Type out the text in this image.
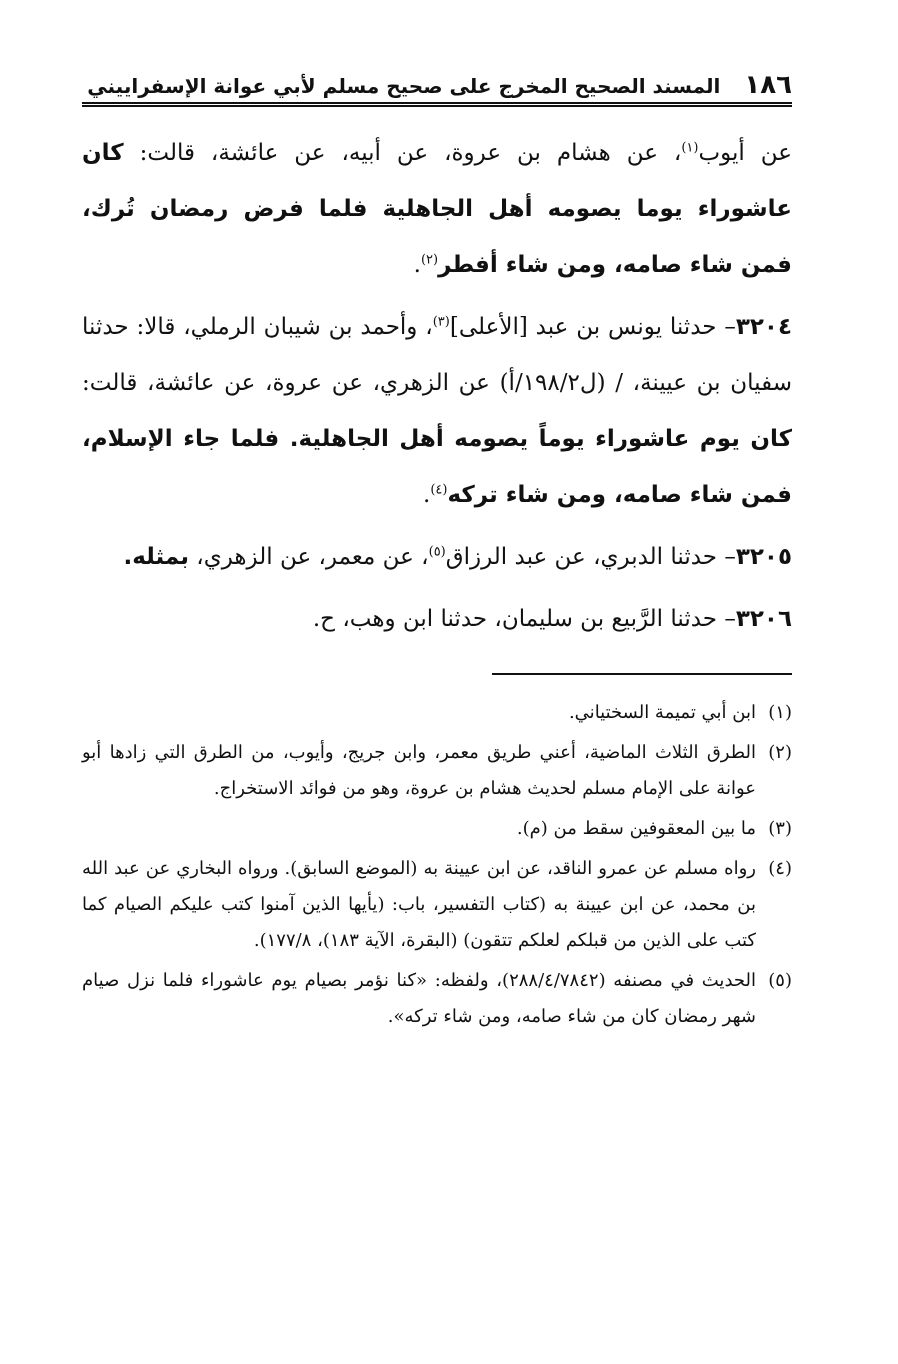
١٨٦
المسند الصحيح المخرج على صحيح مسلم لأبي عوانة الإسفراييني

عن أيوب$^{(١)}$، عن هشام بن عروة، عن أبيه، عن عائشة، قالت: كان عاشوراء يوما يصومه أهل الجاهلية فلما فرض رمضان تُرك، فمن شاء صامه، ومن شاء أفطر$^{(٢)}$.

٣٢٠٤– حدثنا يونس بن عبد [الأعلى]$^{(٣)}$، وأحمد بن شيبان الرملي، قالا: حدثنا سفيان بن عيينة، / (ل١٩٨/٢/أ) عن الزهري، عن عروة، عن عائشة، قالت: كان يوم عاشوراء يوماً يصومه أهل الجاهلية. فلما جاء الإسلام، فمن شاء صامه، ومن شاء تركه$^{(٤)}$.

٣٢٠٥– حدثنا الدبري، عن عبد الرزاق$^{(٥)}$، عن معمر، عن الزهري، بمثله.

٣٢٠٦– حدثنا الرَّبيع بن سليمان، حدثنا ابن وهب، ح.

(١)
ابن أبي تميمة السختياني.
(٢)
الطرق الثلاث الماضية، أعني طريق معمر، وابن جريج، وأيوب، من الطرق التي زادها أبو عوانة على الإمام مسلم لحديث هشام بن عروة، وهو من فوائد الاستخراج.
(٣)
ما بين المعقوفين سقط من (م).
(٤)
رواه مسلم عن عمرو الناقد، عن ابن عيينة به (الموضع السابق). ورواه البخاري عن عبد الله بن محمد، عن ابن عيينة به (كتاب التفسير، باب: (يأيها الذين آمنوا كتب عليكم الصيام كما كتب على الذين من قبلكم لعلكم تتقون) (البقرة، الآية ١٨٣)، ١٧٧/٨).
(٥)
الحديث في مصنفه (٢٨٨/٤/٧٨٤٢)، ولفظه: «كنا نؤمر بصيام يوم عاشوراء فلما نزل صيام شهر رمضان كان من شاء صامه، ومن شاء تركه».
